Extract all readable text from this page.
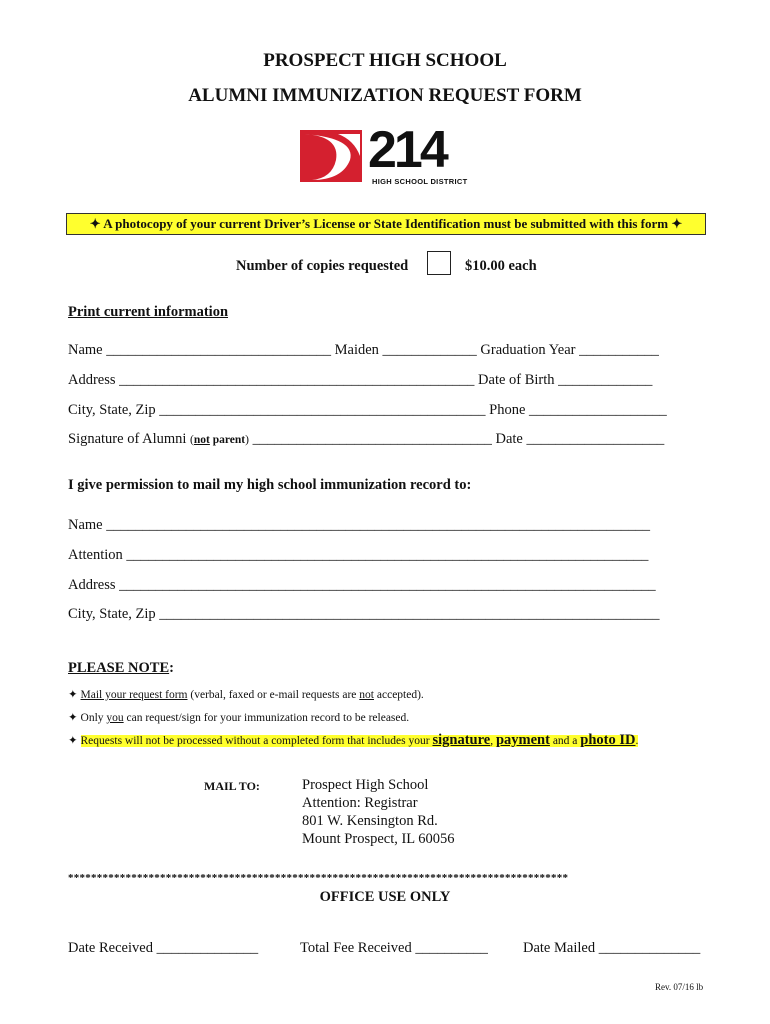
PROSPECT HIGH SCHOOL
ALUMNI IMMUNIZATION REQUEST FORM
214
HIGH SCHOOL DISTRICT
✦ A photocopy of your current Driver’s License or State Identification must be submitted with this form ✦
Number of copies requested	$10.00 each
Print current information
Name _______________________________ Maiden _____________ Graduation Year ___________
Address _________________________________________________ Date of Birth _____________
City, State, Zip _____________________________________________ Phone ___________________
Signature of Alumni (not parent) _________________________________ Date ___________________
I give permission to mail my high school immunization record to:
Name ___________________________________________________________________________
Attention ________________________________________________________________________
Address __________________________________________________________________________
City, State, Zip _____________________________________________________________________
PLEASE NOTE:
✦ Mail your request form (verbal, faxed or e-mail requests are not accepted).
✦ Only you can request/sign for your immunization record to be released.
✦ Requests will not be processed without a completed form that includes your signature, payment and a photo ID.
MAIL TO:	Prospect High School
Attention: Registrar
801 W. Kensington Rd.
Mount Prospect, IL 60056
***************************************************************************************
OFFICE USE ONLY
Date Received ______________	Total Fee Received __________ Date Mailed ______________
Rev. 07/16 lb
